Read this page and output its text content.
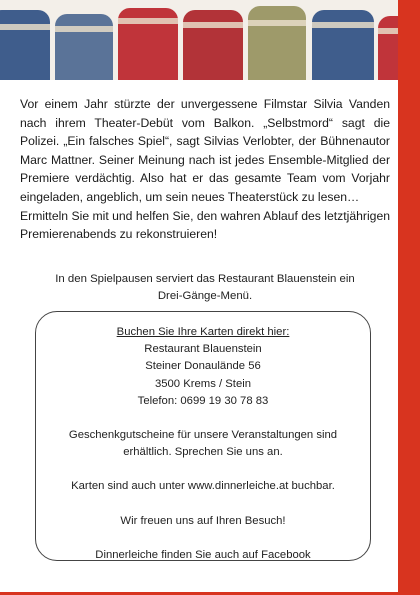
Vor einem Jahr stürzte der unvergessene Filmstar Silvia Vanden nach ihrem Theater-Debüt vom Balkon. „Selbstmord“ sagt die Polizei. „Ein falsches Spiel“, sagt Silvias Verlobter, der Bühnenautor Marc Mattner. Seiner Meinung nach ist jedes Ensemble-Mitglied der Premiere verdächtig. Also hat er das gesamte Team vom Vorjahr eingeladen, angeblich, um sein neues Theaterstück zu lesen…

Ermitteln Sie mit und helfen Sie, den wahren Ablauf des letztjährigen Premierenabends zu rekonstruieren!

In den Spielpausen serviert das Restaurant Blauenstein ein
Drei-Gänge-Menü.
Buchen Sie Ihre Karten direkt hier:
Restaurant Blauenstein
Steiner Donaulände 56
3500 Krems / Stein
Telefon: 0699 19 30 78 83
Geschenkgutscheine für unsere Veranstaltungen sind
erhältlich. Sprechen Sie uns an.
Karten sind auch unter www.dinnerleiche.at buchbar.
Wir freuen uns auf Ihren Besuch!
Dinnerleiche finden Sie auch auf Facebook
